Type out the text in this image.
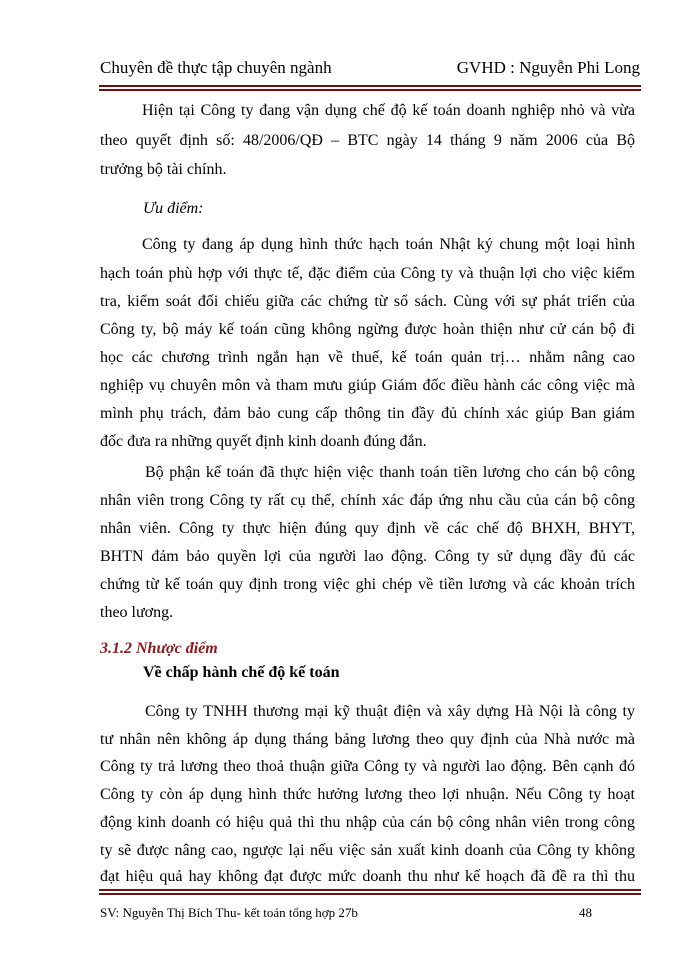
Chuyên đề thực tập chuyên ngành	GVHD : Nguyễn Phi Long
Hiện tại Công ty đang vận dụng chế độ kế toán doanh nghiệp nhỏ và vừa
theo quyết định số: 48/2006/QĐ – BTC ngày 14 tháng 9 năm 2006 của Bộ
trưởng bộ tài chính.
Ưu điểm:
Công ty đang áp dụng hình thức hạch toán Nhật ký chung một loại hình
hạch toán phù hợp với thực tế, đặc điểm của Công ty và thuận lợi cho việc kiểm
tra, kiểm soát đối chiếu giữa các chứng từ sổ sách. Cùng với sự phát triển của
Công ty, bộ máy kế toán cũng không ngừng được hoàn thiện như cử cán bộ đi
học các chương trình ngắn hạn về thuế, kế toán quản trị… nhằm nâng cao
nghiệp vụ chuyên môn và tham mưu giúp Giám đốc điều hành các công việc mà
mình phụ trách, đảm bảo cung cấp thông tin đầy đủ chính xác giúp Ban giám
đốc đưa ra những quyết định kinh doanh đúng đắn.
Bộ phận kế toán đã thực hiện việc thanh toán tiền lương cho cán bộ công
nhân viên trong Công ty rất cụ thể, chính xác đáp ứng nhu cầu của cán bộ công
nhân viên. Công ty thực hiện đúng quy định về các chế độ BHXH, BHYT,
BHTN đảm bảo quyền lợi của người lao động. Công ty sử dụng đầy đủ các
chứng từ kế toán quy định trong việc ghi chép về tiền lương và các khoản trích
theo lương.
3.1.2 Nhược điểm
Về chấp hành chế độ kế toán
Công ty TNHH thương mại kỹ thuật điện và xây dựng Hà Nội là công ty
tư nhân nên không áp dụng tháng bảng lương theo quy định của Nhà nước mà
Công ty trả lương theo thoả thuận giữa Công ty và người lao động. Bên cạnh đó
Công ty còn áp dụng hình thức hưởng lương theo lợi nhuận. Nếu Công ty hoạt
động kinh doanh có hiệu quả thì thu nhập của cán bộ công nhân viên trong công
ty sẽ được nâng cao, ngược lại nếu việc sản xuất kinh doanh của Công ty không
đạt hiệu quả hay không đạt được mức doanh thu như kế hoạch đã đề ra thì thu
SV: Nguyễn Thị Bích Thu- kết toán tổng hợp 27b	48
